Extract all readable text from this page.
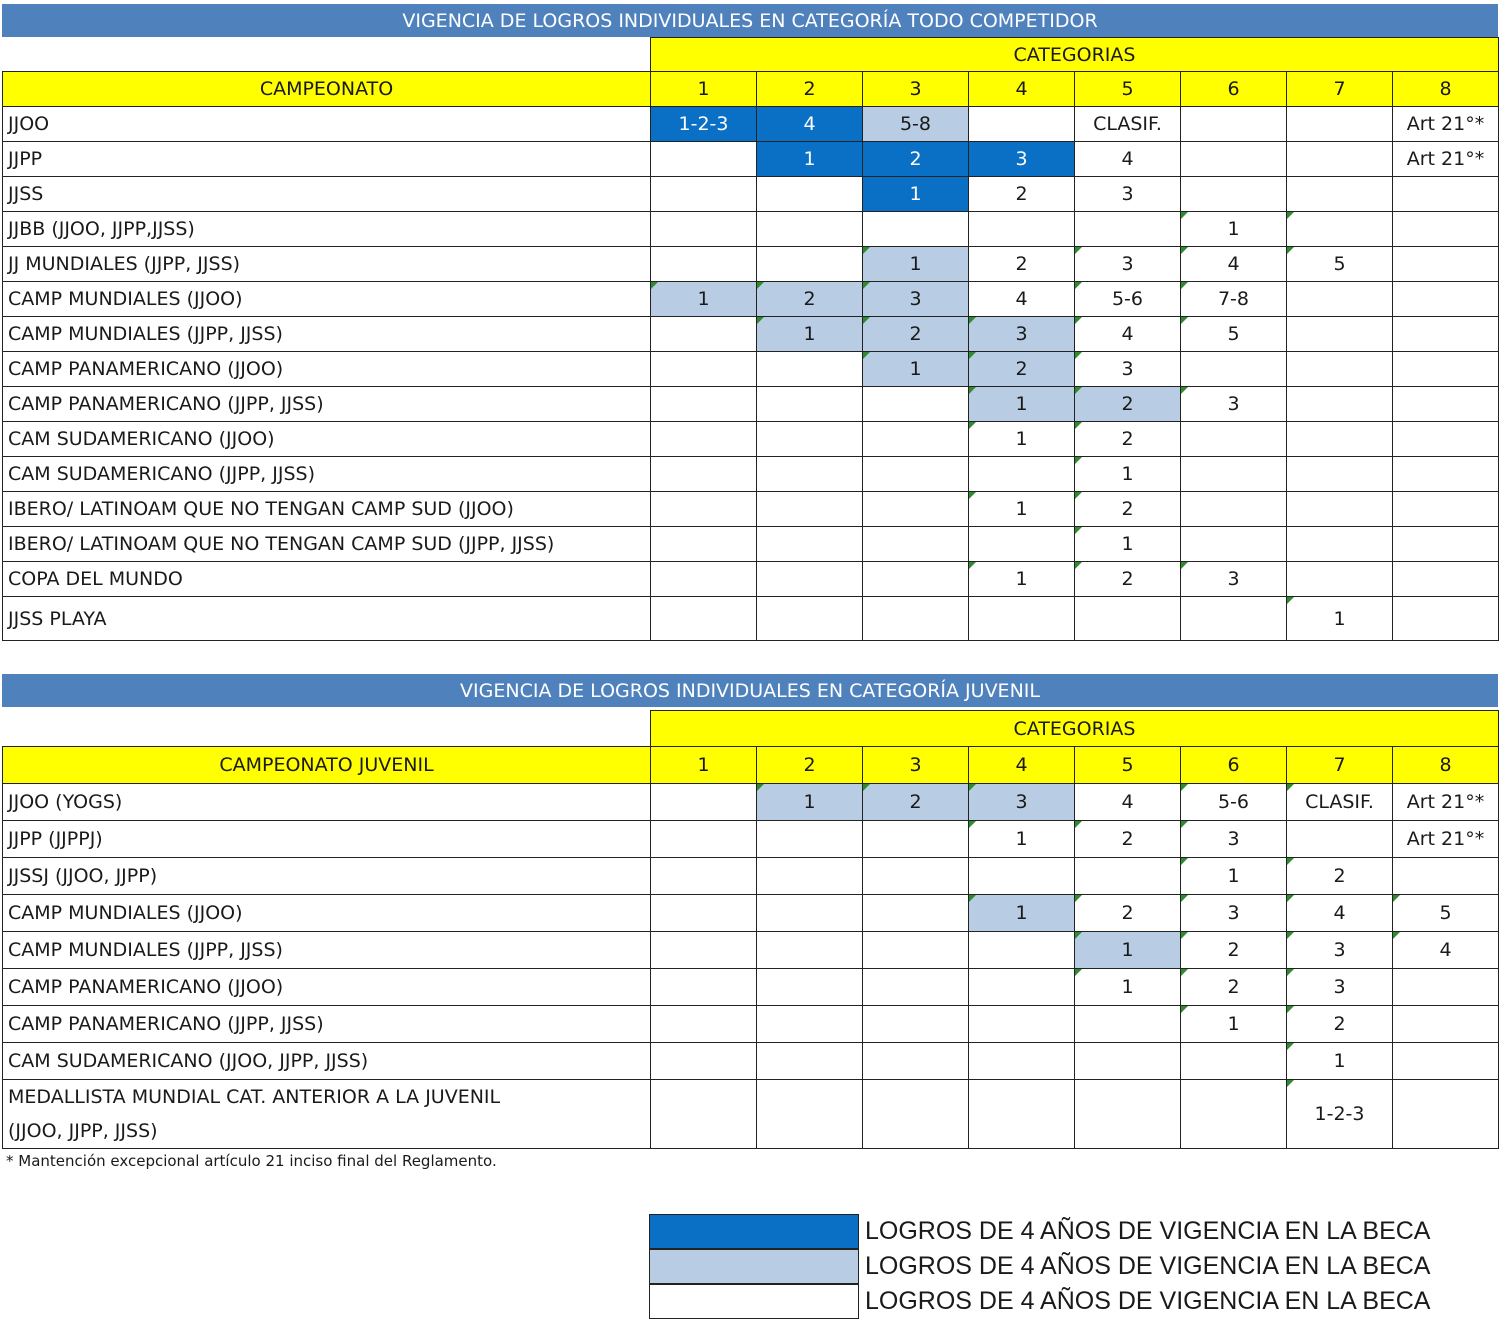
VIGENCIA DE LOGROS INDIVIDUALES EN CATEGORÍA TODO COMPETIDOR
	CATEGORIAS							
CAMPEONATO	1	2	3	4	5	6	7	8
JJOO	1-2-3	4	5-8		CLASIF.			Art 21°*
JJPP		1	2	3	4			Art 21°*
JJSS			1	2	3			
JJBB (JJOO, JJPP,JJSS)						1		
JJ MUNDIALES (JJPP, JJSS)			1	2	3	4	5	
CAMP MUNDIALES (JJOO)	1	2	3	4	5-6	7-8		
CAMP MUNDIALES (JJPP, JJSS)		1	2	3	4	5		
CAMP PANAMERICANO (JJOO)			1	2	3			
CAMP PANAMERICANO (JJPP, JJSS)				1	2	3		
CAM SUDAMERICANO (JJOO)				1	2			
CAM SUDAMERICANO (JJPP, JJSS)					1			
IBERO/ LATINOAM QUE NO TENGAN CAMP SUD (JJOO)				1	2			
IBERO/ LATINOAM QUE NO TENGAN CAMP SUD (JJPP, JJSS)					1			
COPA DEL MUNDO				1	2	3		
JJSS PLAYA							1	
VIGENCIA DE LOGROS INDIVIDUALES EN CATEGORÍA JUVENIL
	CATEGORIAS							
CAMPEONATO JUVENIL	1	2	3	4	5	6	7	8
JJOO (YOGS)		1	2	3	4	5-6	CLASIF.	Art 21°*
JJPP (JJPPJ)				1	2	3		Art 21°*
JJSSJ (JJOO, JJPP)						1	2	
CAMP MUNDIALES (JJOO)				1	2	3	4	5
CAMP MUNDIALES (JJPP, JJSS)					1	2	3	4
CAMP PANAMERICANO (JJOO)					1	2	3	
CAMP PANAMERICANO (JJPP, JJSS)						1	2	
CAM SUDAMERICANO (JJOO, JJPP, JJSS)							1	
MEDALLISTA MUNDIAL CAT. ANTERIOR A LA JUVENIL (JJOO, JJPP, JJSS)							1-2-3	
* Mantención excepcional artículo 21 inciso final del Reglamento.
LOGROS DE 4 AÑOS DE VIGENCIA EN LA BECA
LOGROS DE 4 AÑOS DE VIGENCIA EN LA BECA
LOGROS DE 4 AÑOS DE VIGENCIA EN LA BECA
